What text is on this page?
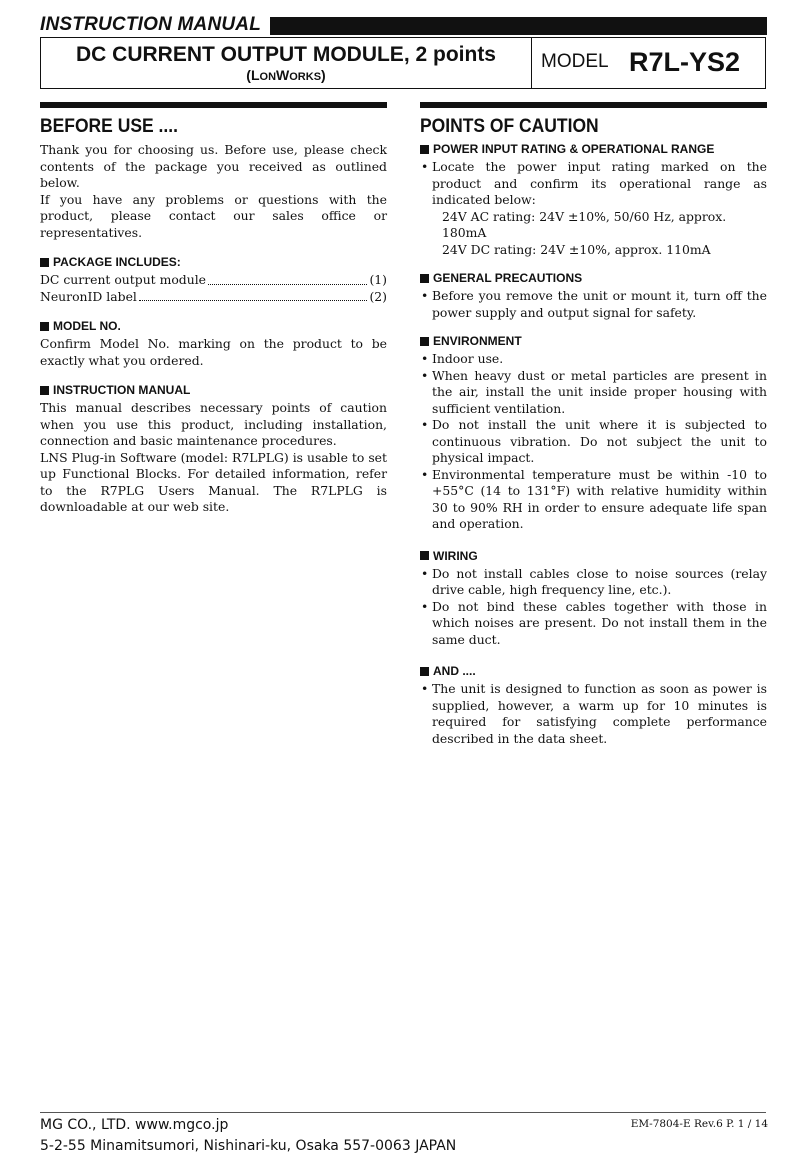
INSTRUCTION MANUAL
DC CURRENT OUTPUT MODULE, 2 points
(LONWORKS)
MODEL R7L-YS2
BEFORE USE ....

Thank you for choosing us. Before use, please check contents of the package you received as outlined below.

If you have any problems or questions with the product, please contact our sales office or representatives.

PACKAGE INCLUDES:
DC current output module	(1)
NeuronID label	(2)
MODEL NO.

Confirm Model No. marking on the product to be exactly what you ordered.

INSTRUCTION MANUAL

This manual describes necessary points of caution when you use this product, including installation, connection and basic maintenance procedures.

LNS Plug-in Software (model: R7LPLG) is usable to set up Functional Blocks. For detailed information, refer to the R7PLG Users Manual. The R7LPLG is downloadable at our web site.

POINTS OF CAUTION
POWER INPUT RATING & OPERATIONAL RANGE
• Locate the power input rating marked on the product and confirm its operational range as indicated below:
24V AC rating: 24V ±10%, 50/60 Hz, approx. 180mA
24V DC rating: 24V ±10%, approx. 110mA
GENERAL PRECAUTIONS
• Before you remove the unit or mount it, turn off the power supply and output signal for safety.
ENVIRONMENT
• Indoor use.
• When heavy dust or metal particles are present in the air, install the unit inside proper housing with sufficient ventilation.
• Do not install the unit where it is subjected to continuous vibration. Do not subject the unit to physical impact.
• Environmental temperature must be within -10 to +55°C (14 to 131°F) with relative humidity within 30 to 90% RH in order to ensure adequate life span and operation.
WIRING
• Do not install cables close to noise sources (relay drive cable, high frequency line, etc.).
• Do not bind these cables together with those in which noises are present. Do not install them in the same duct.
AND ....
• The unit is designed to function as soon as power is supplied, however, a warm up for 10 minutes is required for satisfying complete performance described in the data sheet.
MG CO., LTD. www.mgco.jp
5-2-55 Minamitsumori, Nishinari-ku, Osaka 557-0063 JAPAN
EM-7804-E Rev.6 P. 1 / 14
